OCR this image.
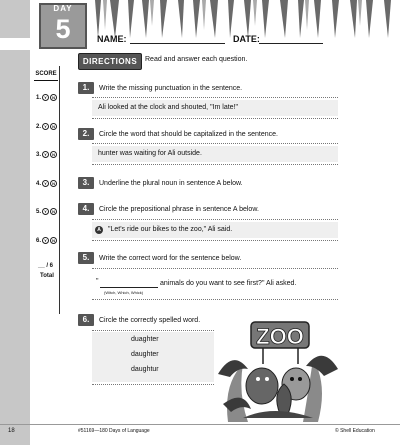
DAY
5	NAME:	DATE:
SCORE
1. Y	N
2. Y	N
3. Y	N
4. Y	N
5. Y	N
6. Y	N
__ / 6
Total
DIRECTIONS	Read and answer each question.
1.	Write the missing punctuation in the sentence.
Ali looked at the clock and shouted, "Im late!"
2.	Circle the word that should be capitalized in the sentence.
hunter was waiting for Ali outside.
3.	Underline the plural noun in sentence A below.
4.	Circle the prepositional phrase in sentence A below.
A	"Let's ride our bikes to the zoo," Ali said.
5.	Write the correct word for the sentence below.
"	animals do you want to see first?" Ali asked.
(Witch, Which, Whick)
6.	Circle the correctly spelled word.
duaghter
daughter
daughtur
ZOO
18	#51169—180 Days of Language	© Shell Education
